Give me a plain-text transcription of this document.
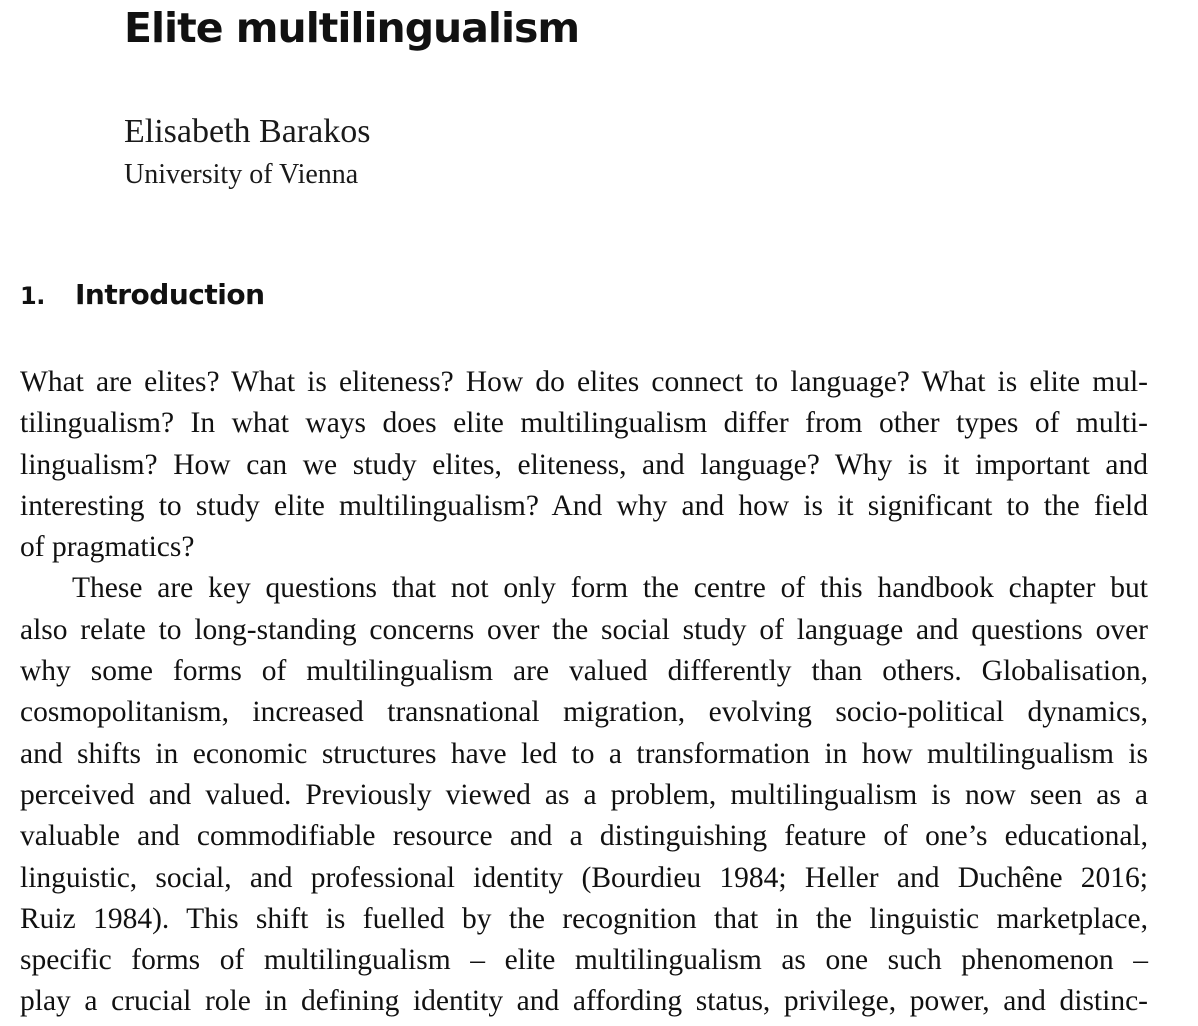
Elite multilingualism
Elisabeth Barakos
University of Vienna
1. Introduction
What are elites? What is eliteness? How do elites connect to language? What is elite mul-
tilingualism? In what ways does elite multilingualism differ from other types of multi-
lingualism? How can we study elites, eliteness, and language? Why is it important and
interesting to study elite multilingualism? And why and how is it significant to the field
of pragmatics?
These are key questions that not only form the centre of this handbook chapter but
also relate to long-standing concerns over the social study of language and questions over
why some forms of multilingualism are valued differently than others. Globalisation,
cosmopolitanism, increased transnational migration, evolving socio-political dynamics,
and shifts in economic structures have led to a transformation in how multilingualism is
perceived and valued. Previously viewed as a problem, multilingualism is now seen as a
valuable and commodifiable resource and a distinguishing feature of one’s educational,
linguistic, social, and professional identity (Bourdieu 1984; Heller and Duchêne 2016;
Ruiz 1984). This shift is fuelled by the recognition that in the linguistic marketplace,
specific forms of multilingualism – elite multilingualism as one such phenomenon –
play a crucial role in defining identity and affording status, privilege, power, and distinc-
